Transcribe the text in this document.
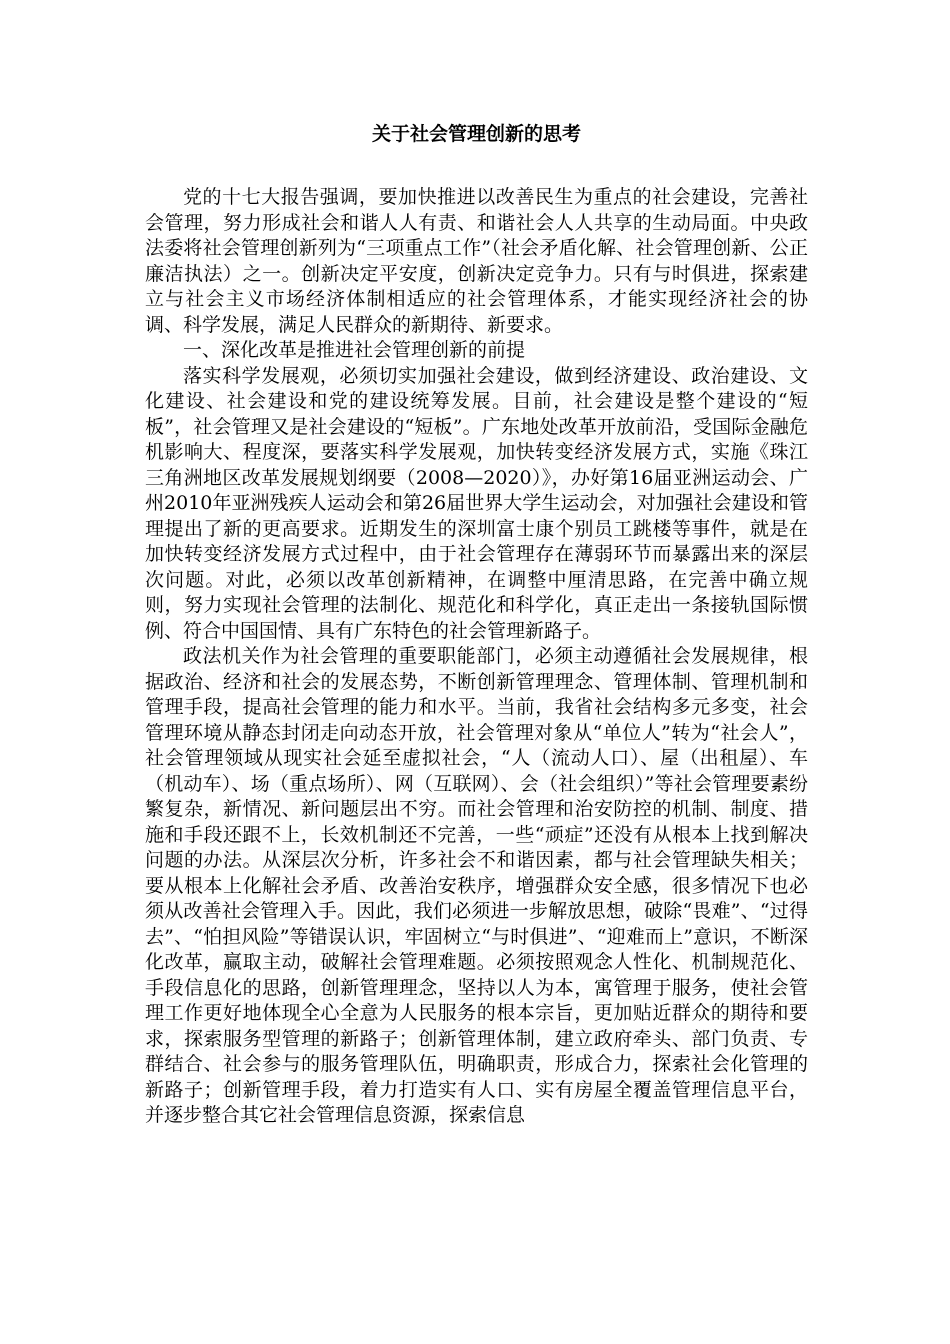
关于社会管理创新的思考

党的十七大报告强调，要加快推进以改善民生为重点的社会建设，完善社会管理，努力形成社会和谐人人有责、和谐社会人人共享的生动局面。中央政法委将社会管理创新列为“三项重点工作”（社会矛盾化解、社会管理创新、公正廉洁执法）之一。创新决定平安度，创新决定竞争力。只有与时俱进，探索建立与社会主义市场经济体制相适应的社会管理体系，才能实现经济社会的协调、科学发展，满足人民群众的新期待、新要求。

一、深化改革是推进社会管理创新的前提

落实科学发展观，必须切实加强社会建设，做到经济建设、政治建设、文化建设、社会建设和党的建设统筹发展。目前，社会建设是整个建设的“短板”，社会管理又是社会建设的“短板”。广东地处改革开放前沿，受国际金融危机影响大、程度深，要落实科学发展观，加快转变经济发展方式，实施《珠江三角洲地区改革发展规划纲要（2008—2020）》，办好第16届亚洲运动会、广州2010年亚洲残疾人运动会和第26届世界大学生运动会，对加强社会建设和管理提出了新的更高要求。近期发生的深圳富士康个别员工跳楼等事件，就是在加快转变经济发展方式过程中，由于社会管理存在薄弱环节而暴露出来的深层次问题。对此，必须以改革创新精神，在调整中厘清思路，在完善中确立规则，努力实现社会管理的法制化、规范化和科学化，真正走出一条接轨国际惯例、符合中国国情、具有广东特色的社会管理新路子。

政法机关作为社会管理的重要职能部门，必须主动遵循社会发展规律，根据政治、经济和社会的发展态势，不断创新管理理念、管理体制、管理机制和管理手段，提高社会管理的能力和水平。当前，我省社会结构多元多变，社会管理环境从静态封闭走向动态开放，社会管理对象从“单位人”转为“社会人”，社会管理领域从现实社会延至虚拟社会，“人（流动人口）、屋（出租屋）、车（机动车）、场（重点场所）、网（互联网）、会（社会组织）”等社会管理要素纷繁复杂，新情况、新问题层出不穷。而社会管理和治安防控的机制、制度、措施和手段还跟不上，长效机制还不完善，一些“顽症”还没有从根本上找到解决问题的办法。从深层次分析，许多社会不和谐因素，都与社会管理缺失相关；要从根本上化解社会矛盾、改善治安秩序，增强群众安全感，很多情况下也必须从改善社会管理入手。因此，我们必须进一步解放思想，破除“畏难”、“过得去”、“怕担风险”等错误认识，牢固树立“与时俱进”、“迎难而上”意识，不断深化改革，赢取主动，破解社会管理难题。必须按照观念人性化、机制规范化、手段信息化的思路，创新管理理念，坚持以人为本，寓管理于服务，使社会管理工作更好地体现全心全意为人民服务的根本宗旨，更加贴近群众的期待和要求，探索服务型管理的新路子；创新管理体制，建立政府牵头、部门负责、专群结合、社会参与的服务管理队伍，明确职责，形成合力，探索社会化管理的新路子；创新管理手段，着力打造实有人口、实有房屋全覆盖管理信息平台，并逐步整合其它社会管理信息资源，探索信息
